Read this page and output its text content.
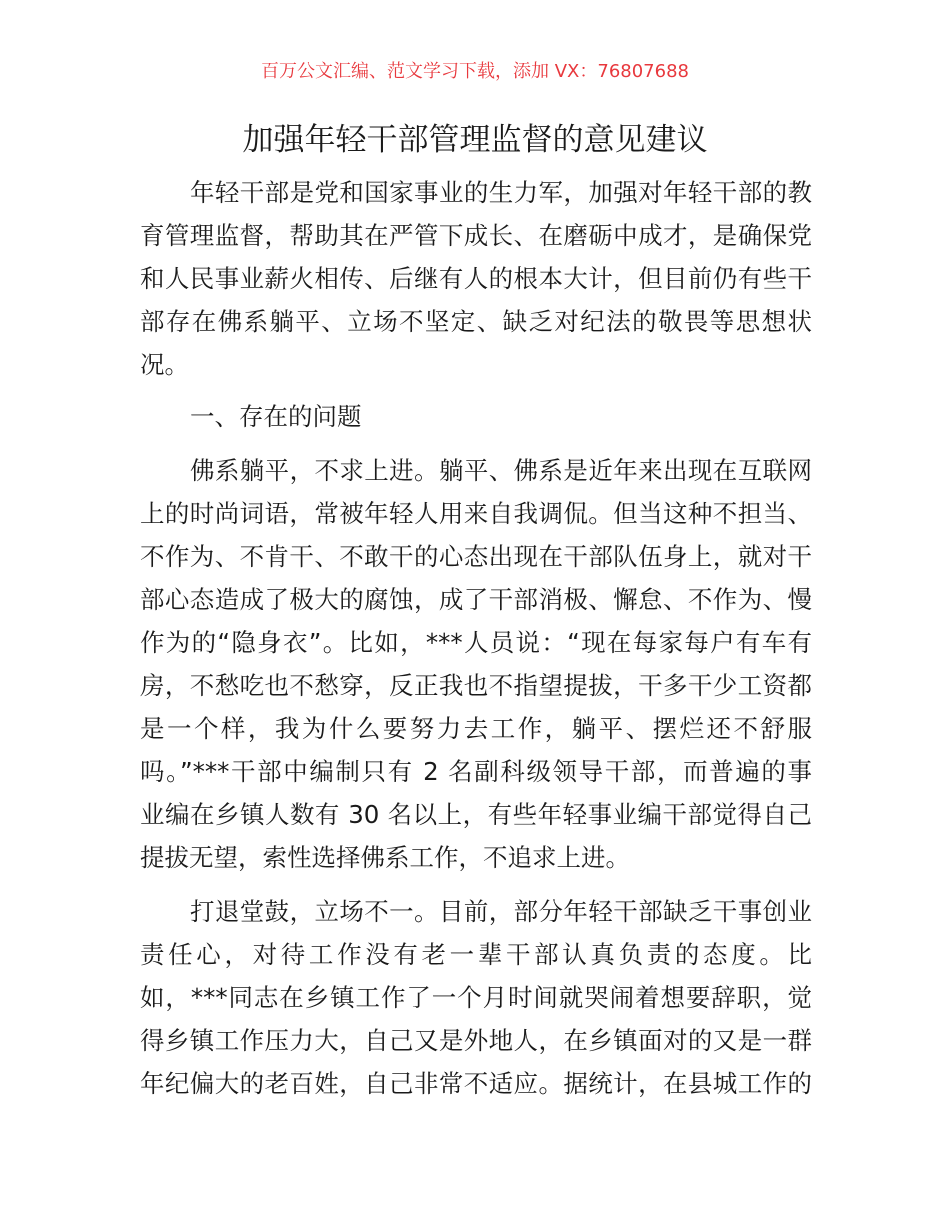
百万公文汇编、范文学习下载，添加 VX：76807688
加强年轻干部管理监督的意见建议
年轻干部是党和国家事业的生力军，加强对年轻干部的教
育管理监督，帮助其在严管下成长、在磨砺中成才，是确保党
和人民事业薪火相传、后继有人的根本大计，但目前仍有些干
部存在佛系躺平、立场不坚定、缺乏对纪法的敬畏等思想状
况。
一、存在的问题
佛系躺平，不求上进。躺平、佛系是近年来出现在互联网
上的时尚词语，常被年轻人用来自我调侃。但当这种不担当、
不作为、不肯干、不敢干的心态出现在干部队伍身上，就对干
部心态造成了极大的腐蚀，成了干部消极、懈怠、不作为、慢
作为的“隐身衣”。比如，***人员说：“现在每家每户有车有
房，不愁吃也不愁穿，反正我也不指望提拔，干多干少工资都
是一个样，我为什么要努力去工作，躺平、摆烂还不舒服
吗。”***干部中编制只有 2 名副科级领导干部，而普遍的事
业编在乡镇人数有 30 名以上，有些年轻事业编干部觉得自己
提拔无望，索性选择佛系工作，不追求上进。
打退堂鼓，立场不一。目前，部分年轻干部缺乏干事创业
责任心，对待工作没有老一辈干部认真负责的态度。比
如，***同志在乡镇工作了一个月时间就哭闹着想要辞职，觉
得乡镇工作压力大，自己又是外地人，在乡镇面对的又是一群
年纪偏大的老百姓，自己非常不适应。据统计，在县城工作的
